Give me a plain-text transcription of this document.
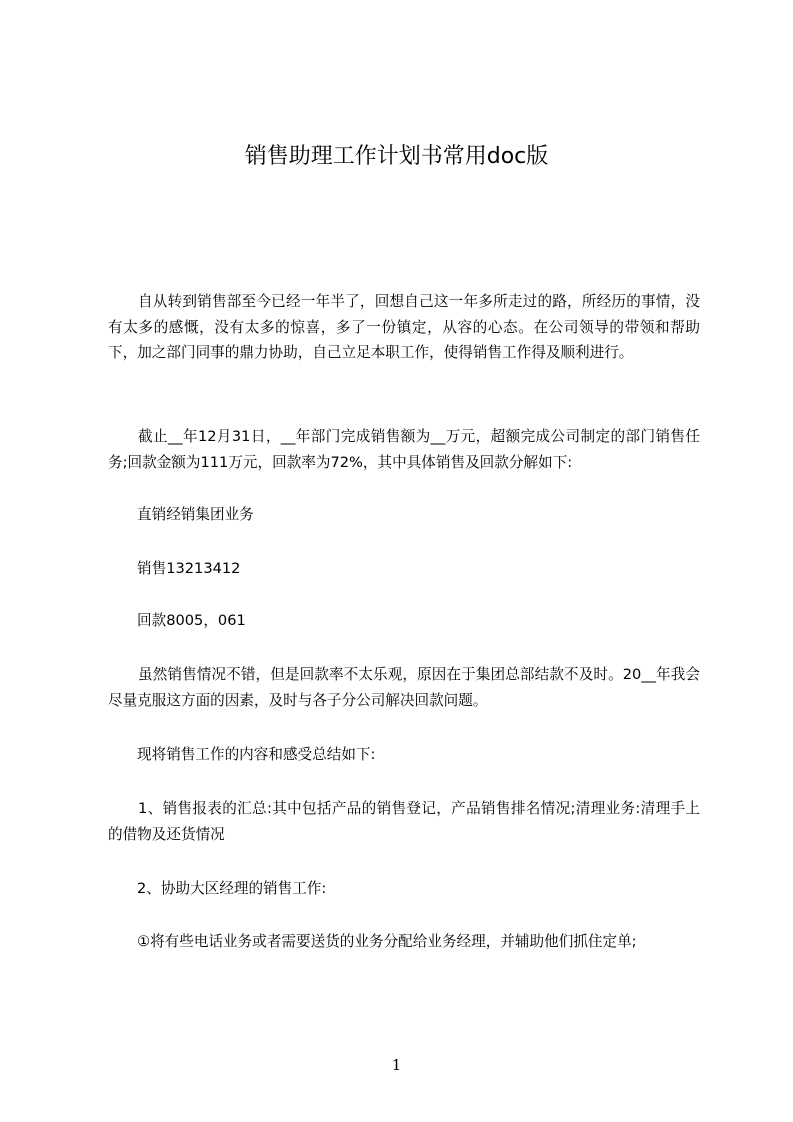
销售助理工作计划书常用doc版

自从转到销售部至今已经一年半了，回想自己这一年多所走过的路，所经历的事情，没有太多的感慨，没有太多的惊喜，多了一份镇定，从容的心态。在公司领导的带领和帮助下，加之部门同事的鼎力协助，自己立足本职工作，使得销售工作得及顺利进行。

截止__年12月31日，__年部门完成销售额为__万元，超额完成公司制定的部门销售任务;回款金额为111万元，回款率为72%，其中具体销售及回款分解如下:

直销经销集团业务

销售13213412

回款8005，061

虽然销售情况不错，但是回款率不太乐观，原因在于集团总部结款不及时。20__年我会尽量克服这方面的因素，及时与各子分公司解决回款问题。

现将销售工作的内容和感受总结如下:

1、销售报表的汇总:其中包括产品的销售登记，产品销售排名情况;清理业务:清理手上的借物及还货情况

2、协助大区经理的销售工作:

①将有些电话业务或者需要送货的业务分配给业务经理，并辅助他们抓住定单;

1
